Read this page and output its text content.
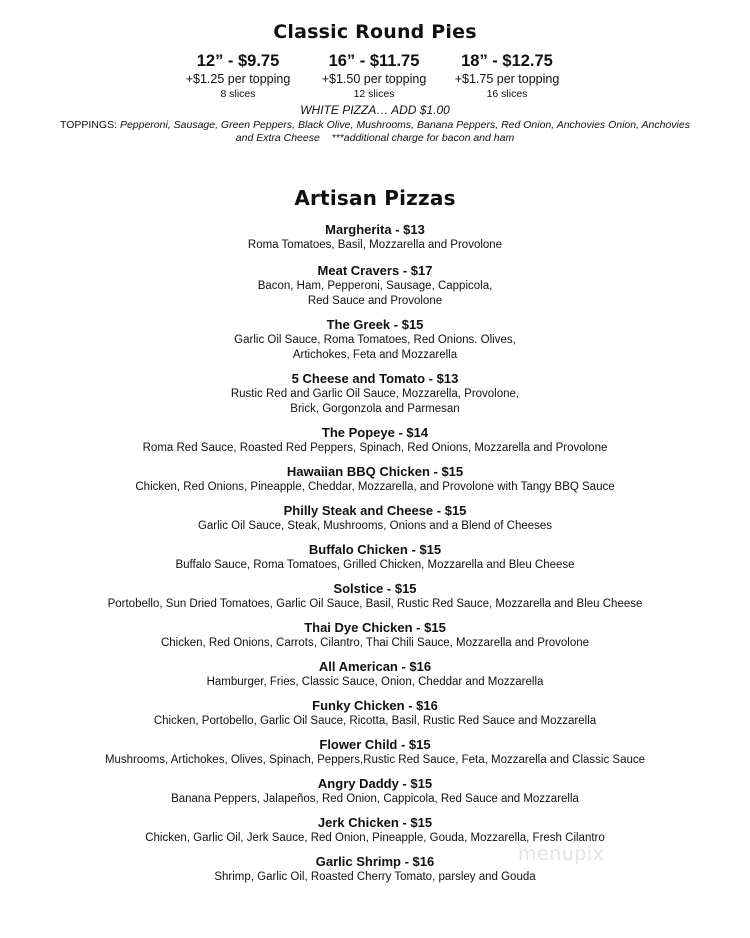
Classic Round Pies
12” - $9.75
+$1.25 per topping
8 slices
16” - $11.75
+$1.50 per topping
12 slices
18” - $12.75
+$1.75 per topping
16 slices
WHITE PIZZA… ADD $1.00
TOPPINGS: Pepperoni, Sausage, Green Peppers, Black Olive, Mushrooms, Banana Peppers, Red Onion, Anchovies Onion, Anchovies and Extra Cheese ***additional charge for bacon and ham
Artisan Pizzas
Margherita - $13
Roma Tomatoes, Basil, Mozzarella and Provolone
Meat Cravers - $17
Bacon, Ham, Pepperoni, Sausage, Cappicola,
Red Sauce and Provolone
The Greek - $15
Garlic Oil Sauce, Roma Tomatoes, Red Onions. Olives,
Artichokes, Feta and Mozzarella
5 Cheese and Tomato - $13
Rustic Red and Garlic Oil Sauce, Mozzarella, Provolone,
Brick, Gorgonzola and Parmesan
The Popeye - $14
Roma Red Sauce, Roasted Red Peppers, Spinach, Red Onions, Mozzarella and Provolone
Hawaiian BBQ Chicken - $15
Chicken, Red Onions, Pineapple, Cheddar, Mozzarella, and Provolone with Tangy BBQ Sauce
Philly Steak and Cheese - $15
Garlic Oil Sauce, Steak, Mushrooms, Onions and a Blend of Cheeses
Buffalo Chicken - $15
Buffalo Sauce, Roma Tomatoes, Grilled Chicken, Mozzarella and Bleu Cheese
Solstice - $15
Portobello, Sun Dried Tomatoes, Garlic Oil Sauce, Basil, Rustic Red Sauce, Mozzarella and Bleu Cheese
Thai Dye Chicken - $15
Chicken, Red Onions, Carrots, Cilantro, Thai Chili Sauce, Mozzarella and Provolone
All American - $16
Hamburger, Fries, Classic Sauce, Onion, Cheddar and Mozzarella
Funky Chicken - $16
Chicken, Portobello, Garlic Oil Sauce, Ricotta, Basil, Rustic Red Sauce and Mozzarella
Flower Child - $15
Mushrooms, Artichokes, Olives, Spinach, Peppers,Rustic Red Sauce, Feta, Mozzarella and Classic Sauce
Angry Daddy - $15
Banana Peppers, Jalapeños, Red Onion, Cappicola, Red Sauce and Mozzarella
Jerk Chicken - $15
Chicken, Garlic Oil, Jerk Sauce, Red Onion, Pineapple, Gouda, Mozzarella, Fresh Cilantro
Garlic Shrimp - $16
Shrimp, Garlic Oil, Roasted Cherry Tomato, parsley and Gouda
menupix
